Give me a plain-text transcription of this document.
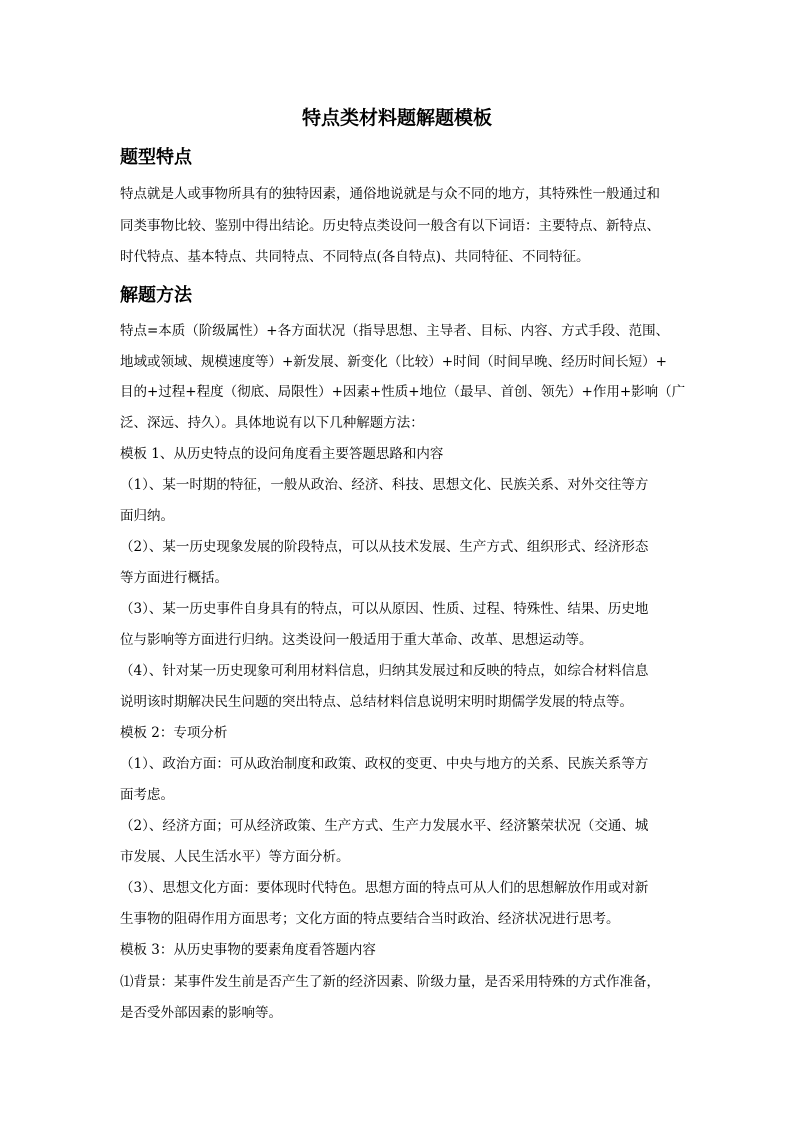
特点类材料题解题模板
题型特点
特点就是人或事物所具有的独特因素，通俗地说就是与众不同的地方，其特殊性一般通过和
同类事物比较、鉴别中得出结论。历史特点类设问一般含有以下词语：主要特点、新特点、
时代特点、基本特点、共同特点、不同特点(各自特点)、共同特征、不同特征。
解题方法
特点=本质（阶级属性）+各方面状况（指导思想、主导者、目标、内容、方式手段、范围、
地域或领域、规模速度等）+新发展、新变化（比较）+时间（时间早晚、经历时间长短）+
目的+过程+程度（彻底、局限性）+因素+性质+地位（最早、首创、领先）+作用+影响（广
泛、深远、持久）。具体地说有以下几种解题方法：
模板 1、从历史特点的设问角度看主要答题思路和内容
（1）、某一时期的特征，一般从政治、经济、科技、思想文化、民族关系、对外交往等方
面归纳。
（2）、某一历史现象发展的阶段特点，可以从技术发展、生产方式、组织形式、经济形态
等方面进行概括。
（3）、某一历史事件自身具有的特点，可以从原因、性质、过程、特殊性、结果、历史地
位与影响等方面进行归纳。这类设问一般适用于重大革命、改革、思想运动等。
（4）、针对某一历史现象可利用材料信息，归纳其发展过和反映的特点，如综合材料信息
说明该时期解决民生问题的突出特点、总结材料信息说明宋明时期儒学发展的特点等。
模板 2：专项分析
（1）、政治方面：可从政治制度和政策、政权的变更、中央与地方的关系、民族关系等方
面考虑。
（2）、经济方面；可从经济政策、生产方式、生产力发展水平、经济繁荣状况（交通、城
市发展、人民生活水平）等方面分析。
（3）、思想文化方面：要体现时代特色。思想方面的特点可从人们的思想解放作用或对新
生事物的阻碍作用方面思考；文化方面的特点要结合当时政治、经济状况进行思考。
模板 3：从历史事物的要素角度看答题内容
⑴背景：某事件发生前是否产生了新的经济因素、阶级力量，是否采用特殊的方式作准备，
是否受外部因素的影响等。
